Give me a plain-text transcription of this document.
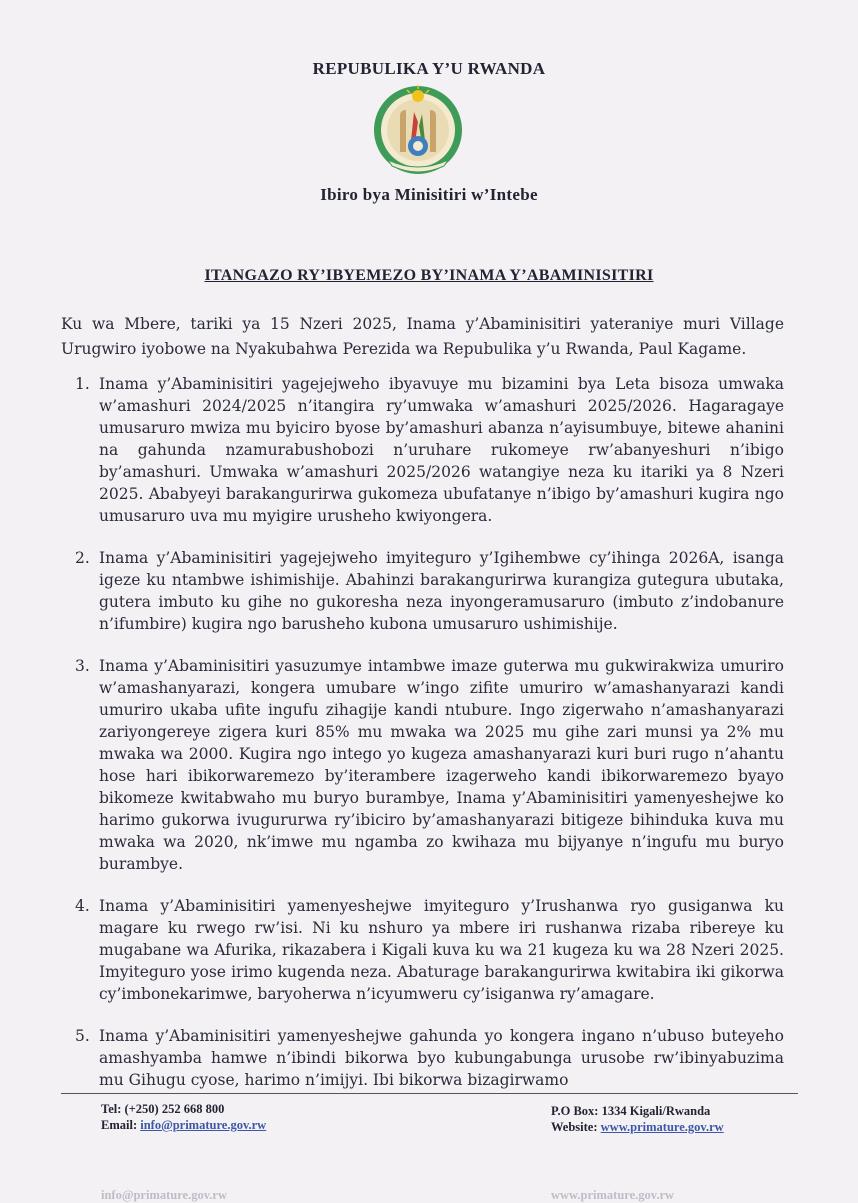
REPUBULIKA Y’U RWANDA
Ibiro bya Minisitiri w’Intebe
ITANGAZO RY’IBYEMEZO BY’INAMA Y’ABAMINISITIRI
Ku wa Mbere, tariki ya 15 Nzeri 2025, Inama y’Abaminisitiri yateraniye muri Village Urugwiro iyobowe na Nyakubahwa Perezida wa Repubulika y’u Rwanda, Paul Kagame.
1. Inama y’Abaminisitiri yagejejweho ibyavuye mu bizamini bya Leta bisoza umwaka w’amashuri 2024/2025 n’itangira ry’umwaka w’amashuri 2025/2026. Hagaragaye umusaruro mwiza mu byiciro byose by’amashuri abanza n’ayisumbuye, bitewe ahanini na gahunda nzamurabushobozi n’uruhare rukomeye rw’abanyeshuri n’ibigo by’amashuri. Umwaka w’amashuri 2025/2026 watangiye neza ku itariki ya 8 Nzeri 2025. Ababyeyi barakangurirwa gukomeza ubufatanye n’ibigo by’amashuri kugira ngo umusaruro uva mu myigire urusheho kwiyongera.
2. Inama y’Abaminisitiri yagejejweho imyiteguro y’Igihembwe cy’ihinga 2026A, isanga igeze ku ntambwe ishimishije. Abahinzi barakangurirwa kurangiza gutegura ubutaka, gutera imbuto ku gihe no gukoresha neza inyongeramusaruro (imbuto z’indobanure n’ifumbire) kugira ngo barusheho kubona umusaruro ushimishije.
3. Inama y’Abaminisitiri yasuzumye intambwe imaze guterwa mu gukwirakwiza umuriro w’amashanyarazi, kongera umubare w’ingo zifite umuriro w’amashanyarazi kandi umuriro ukaba ufite ingufu zihagije kandi ntubure. Ingo zigerwaho n’amashanyarazi zariyongereye zigera kuri 85% mu mwaka wa 2025 mu gihe zari munsi ya 2% mu mwaka wa 2000. Kugira ngo intego yo kugeza amashanyarazi kuri buri rugo n’ahantu hose hari ibikorwaremezo by’iterambere izagerweho kandi ibikorwaremezo byayo bikomeze kwitabwaho mu buryo burambye, Inama y’Abaminisitiri yamenyeshejwe ko harimo gukorwa ivugururwa ry’ibiciro by’amashanyarazi bitigeze bihinduka kuva mu mwaka wa 2020, nk’imwe mu ngamba zo kwihaza mu bijyanye n’ingufu mu buryo burambye.
4. Inama y’Abaminisitiri yamenyeshejwe imyiteguro y’Irushanwa ryo gusiganwa ku magare ku rwego rw’isi. Ni ku nshuro ya mbere iri rushanwa rizaba ribereye ku mugabane wa Afurika, rikazabera i Kigali kuva ku wa 21 kugeza ku wa 28 Nzeri 2025. Imyiteguro yose irimo kugenda neza. Abaturage barakangurirwa kwitabira iki gikorwa cy’imbonekarimwe, baryoherwa n’icyumweru cy’isiganwa ry’amagare.
5. Inama y’Abaminisitiri yamenyeshejwe gahunda yo kongera ingano n’ubuso buteyeho amashyamba hamwe n’ibindi bikorwa byo kubungabunga urusobe rw’ibinyabuzima mu Gihugu cyose, harimo n’imijyi. Ibi bikorwa bizagirwamo
Tel: (+250) 252 668 800
Email: info@primature.gov.rw
P.O Box: 1334 Kigali/Rwanda
Website: www.primature.gov.rw
info@primature.gov.rw	www.primature.gov.rw
